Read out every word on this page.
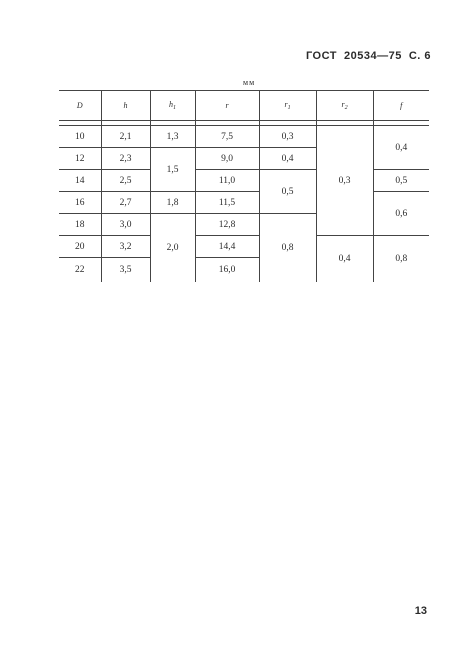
ГОСТ 20534—75 С. 6
мм
D	h	$h_1$	r	$r_1$	$r_2$	f

10	2,1	1,3	7,5	0,3	0,3	0,4
12	2,3	1,5	9,0	0,4		
14	2,5		11,0	0,5		0,5
16	2,7	1,8	11,5			0,6
18	3,0	2,0	12,8	0,8		
20	3,2		14,4		0,4	0,8
22	3,5		16,0			
13
